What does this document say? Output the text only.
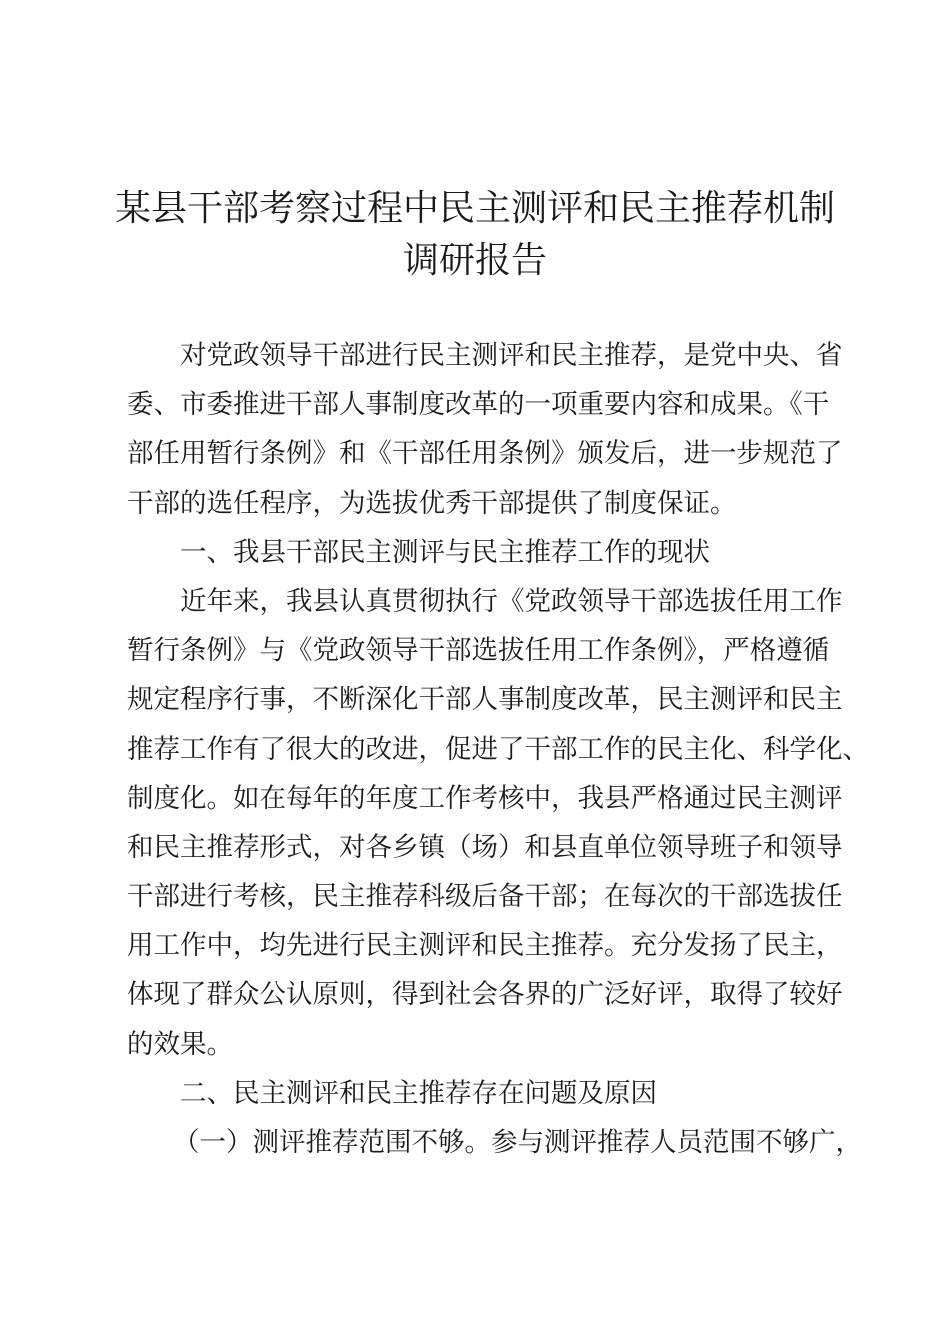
某县干部考察过程中民主测评和民主推荐机制
调研报告
对党政领导干部进行民主测评和民主推荐，是党中央、省
委、市委推进干部人事制度改革的一项重要内容和成果。《干
部任用暂行条例》和《干部任用条例》颁发后，进一步规范了
干部的选任程序，为选拔优秀干部提供了制度保证。
一、我县干部民主测评与民主推荐工作的现状
近年来，我县认真贯彻执行《党政领导干部选拔任用工作
暂行条例》与《党政领导干部选拔任用工作条例》，严格遵循
规定程序行事，不断深化干部人事制度改革，民主测评和民主
推荐工作有了很大的改进，促进了干部工作的民主化、科学化、
制度化。如在每年的年度工作考核中，我县严格通过民主测评
和民主推荐形式，对各乡镇（场）和县直单位领导班子和领导
干部进行考核，民主推荐科级后备干部；在每次的干部选拔任
用工作中，均先进行民主测评和民主推荐。充分发扬了民主，
体现了群众公认原则，得到社会各界的广泛好评，取得了较好
的效果。
二、民主测评和民主推荐存在问题及原因
（一）测评推荐范围不够。参与测评推荐人员范围不够广，
